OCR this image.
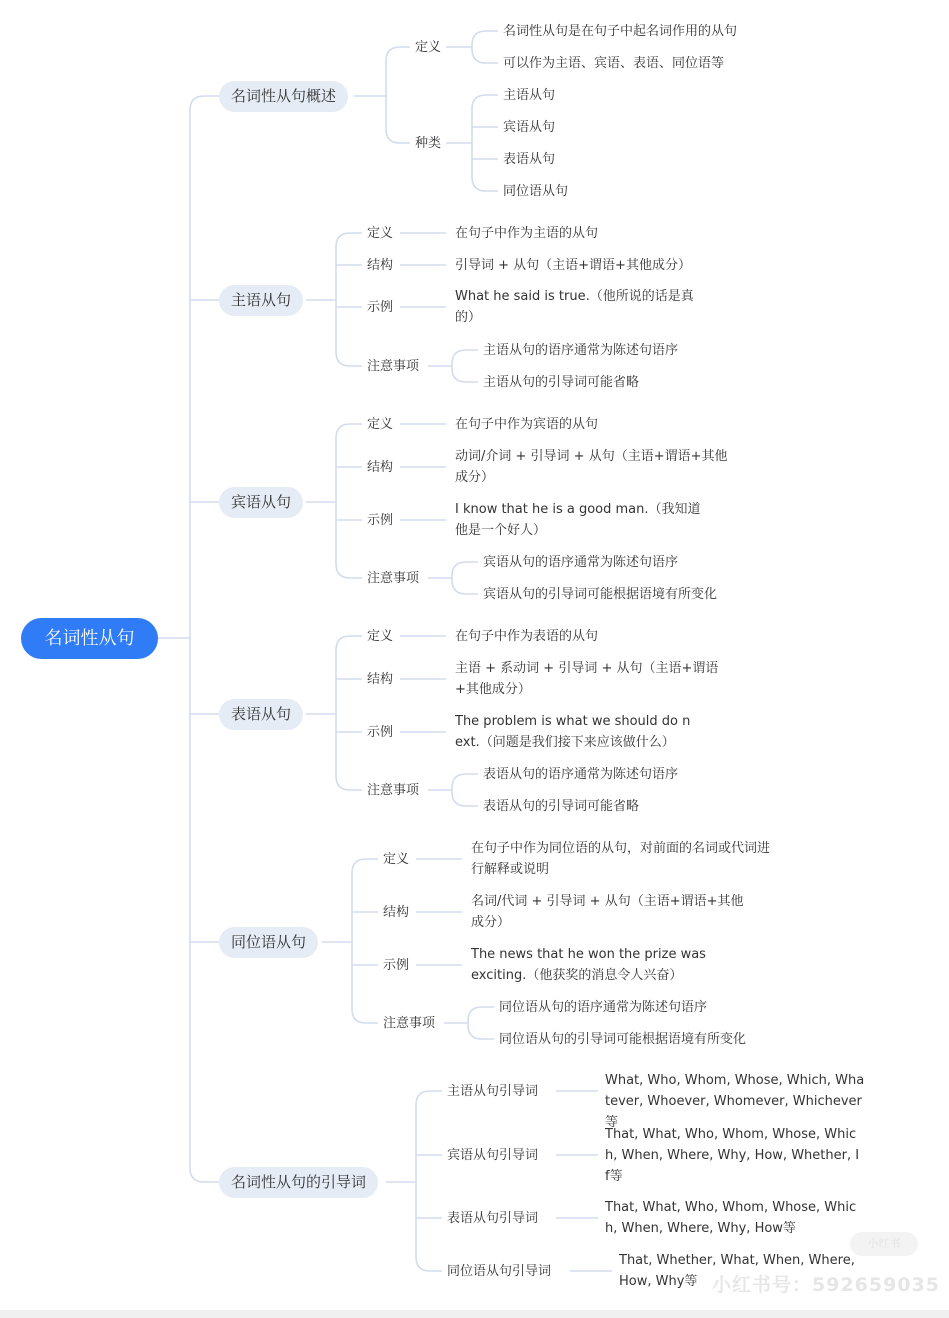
名词性从句
名词性从句概述
定义
名词性从句是在句子中起名词作用的从句
可以作为主语、宾语、表语、同位语等
种类
主语从句
宾语从句
表语从句
同位语从句
主语从句
定义
结构
示例
注意事项
在句子中作为主语的从句
引导词 + 从句（主语+谓语+其他成分）
What he said is true.（他所说的话是真的）
主语从句的语序通常为陈述句语序
主语从句的引导词可能省略
宾语从句
定义
结构
示例
注意事项
在句子中作为宾语的从句
动词/介词 + 引导词 + 从句（主语+谓语+其他成分）
I know that he is a good man.（我知道他是一个好人）
宾语从句的语序通常为陈述句语序
宾语从句的引导词可能根据语境有所变化
表语从句
定义
结构
示例
注意事项
在句子中作为表语的从句
主语 + 系动词 + 引导词 + 从句（主语+谓语+其他成分）
The problem is what we should do next.（问题是我们接下来应该做什么）
表语从句的语序通常为陈述句语序
表语从句的引导词可能省略
同位语从句
定义
结构
示例
注意事项
在句子中作为同位语的从句，对前面的名词或代词进行解释或说明
名词/代词 + 引导词 + 从句（主语+谓语+其他成分）
The news that he won the prize was exciting.（他获奖的消息令人兴奋）
同位语从句的语序通常为陈述句语序
同位语从句的引导词可能根据语境有所变化
名词性从句的引导词
主语从句引导词
宾语从句引导词
表语从句引导词
同位语从句引导词
What, Who, Whom, Whose, Which, Whatever, Whoever, Whomever, Whichever等
That, What, Who, Whom, Whose, Which, When, Where, Why, How, Whether, If等
That, What, Who, Whom, Whose, Which, When, Where, Why, How等
That, Whether, What, When, Where, How, Why等
小红书
小红书号：592659035
